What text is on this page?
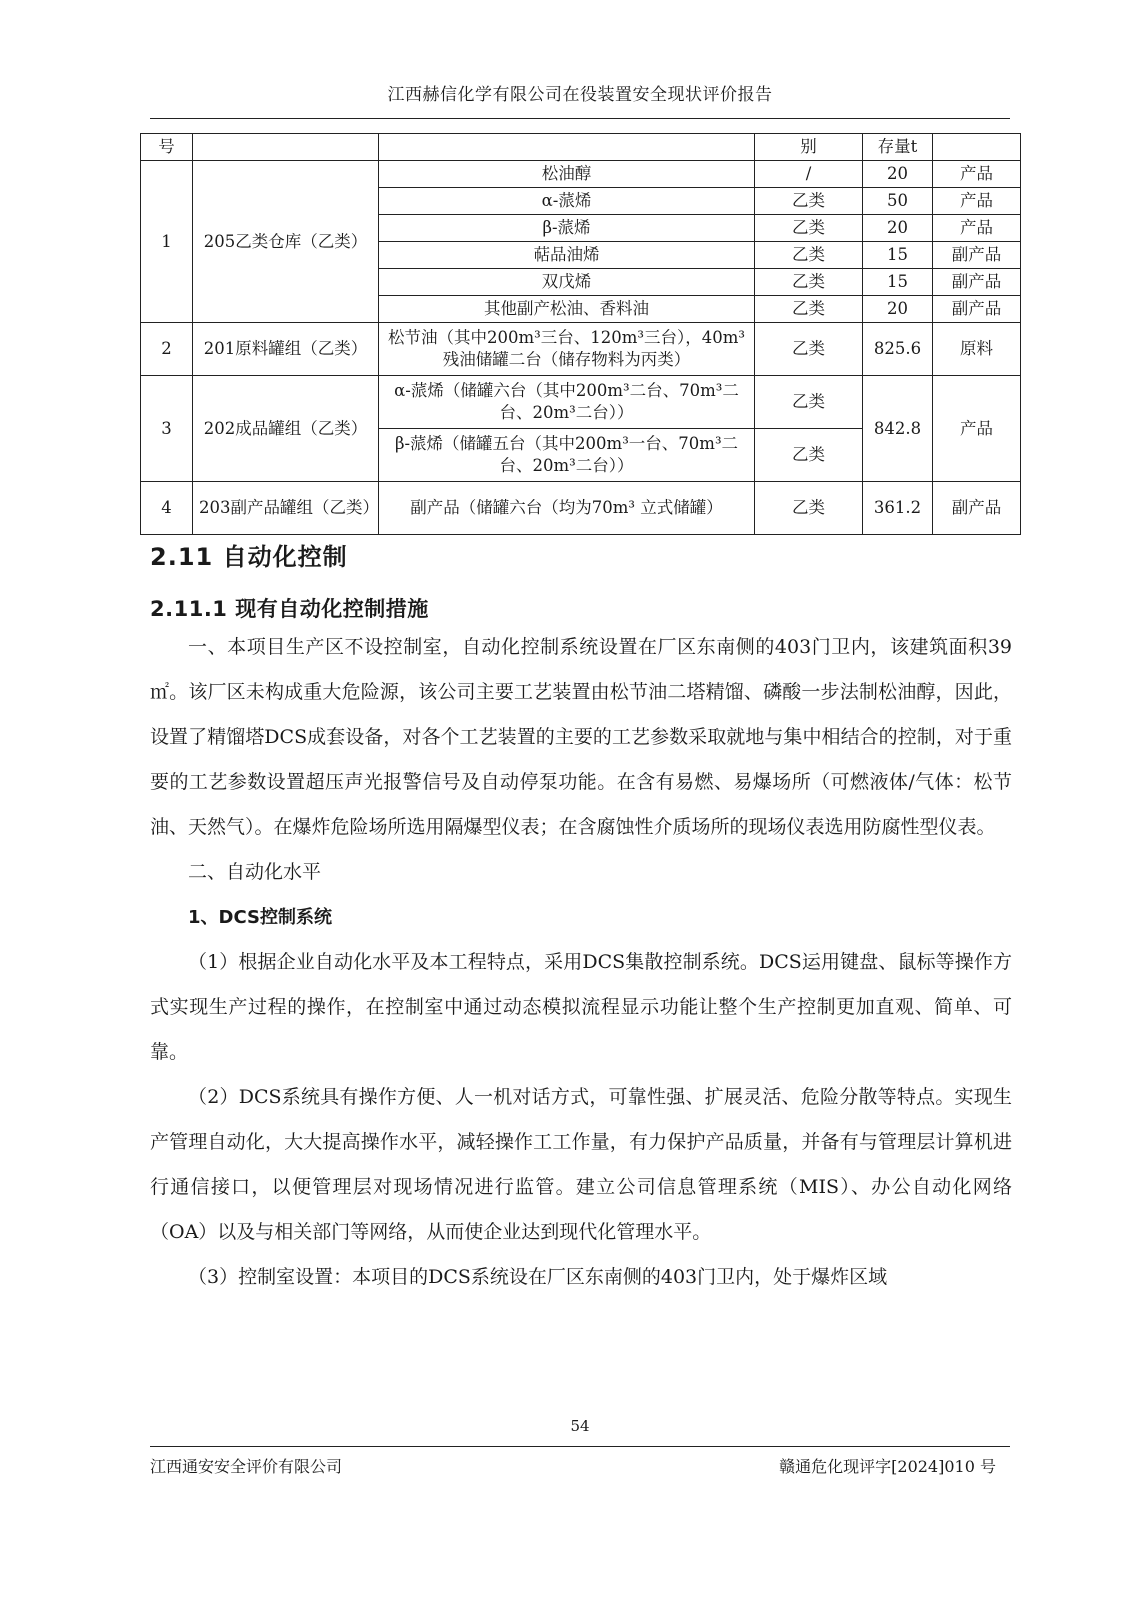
江西赫信化学有限公司在役装置安全现状评价报告
号			别	存量t	
1	205乙类仓库（乙类）	松油醇	/	20	产品
		α-蒎烯	乙类	50	产品
		β-蒎烯	乙类	20	产品
		萜品油烯	乙类	15	副产品
		双戊烯	乙类	15	副产品
		其他副产松油、香料油	乙类	20	副产品
2	201原料罐组（乙类）	松节油（其中200m³三台、120m³三台），40m³残油储罐二台（储存物料为丙类）	乙类	825.6	原料
3	202成品罐组（乙类）	α-蒎烯（储罐六台（其中200m³二台、70m³二台、20m³二台））	乙类	842.8	产品
		β-蒎烯（储罐五台（其中200m³一台、70m³二台、20m³二台））	乙类		
4	203副产品罐组（乙类）	副产品（储罐六台（均为70m³ 立式储罐）	乙类	361.2	副产品
2.11 自动化控制
2.11.1 现有自动化控制措施

一、本项目生产区不设控制室，自动化控制系统设置在厂区东南侧的403门卫内，该建筑面积39㎡。该厂区未构成重大危险源，该公司主要工艺装置由松节油二塔精馏、磷酸一步法制松油醇，因此，设置了精馏塔DCS成套设备，对各个工艺装置的主要的工艺参数采取就地与集中相结合的控制，对于重要的工艺参数设置超压声光报警信号及自动停泵功能。在含有易燃、易爆场所（可燃液体/气体：松节油、天然气）。在爆炸危险场所选用隔爆型仪表；在含腐蚀性介质场所的现场仪表选用防腐性型仪表。

二、自动化水平

1、DCS控制系统

（1）根据企业自动化水平及本工程特点，采用DCS集散控制系统。DCS运用键盘、鼠标等操作方式实现生产过程的操作，在控制室中通过动态模拟流程显示功能让整个生产控制更加直观、简单、可靠。

（2）DCS系统具有操作方便、人一机对话方式，可靠性强、扩展灵活、危险分散等特点。实现生产管理自动化，大大提高操作水平，减轻操作工工作量，有力保护产品质量，并备有与管理层计算机进行通信接口，以便管理层对现场情况进行监管。建立公司信息管理系统（MIS）、办公自动化网络（OA）以及与相关部门等网络，从而使企业达到现代化管理水平。

（3）控制室设置：本项目的DCS系统设在厂区东南侧的403门卫内，处于爆炸区域

54
江西通安安全评价有限公司	赣通危化现评字[2024]010 号
